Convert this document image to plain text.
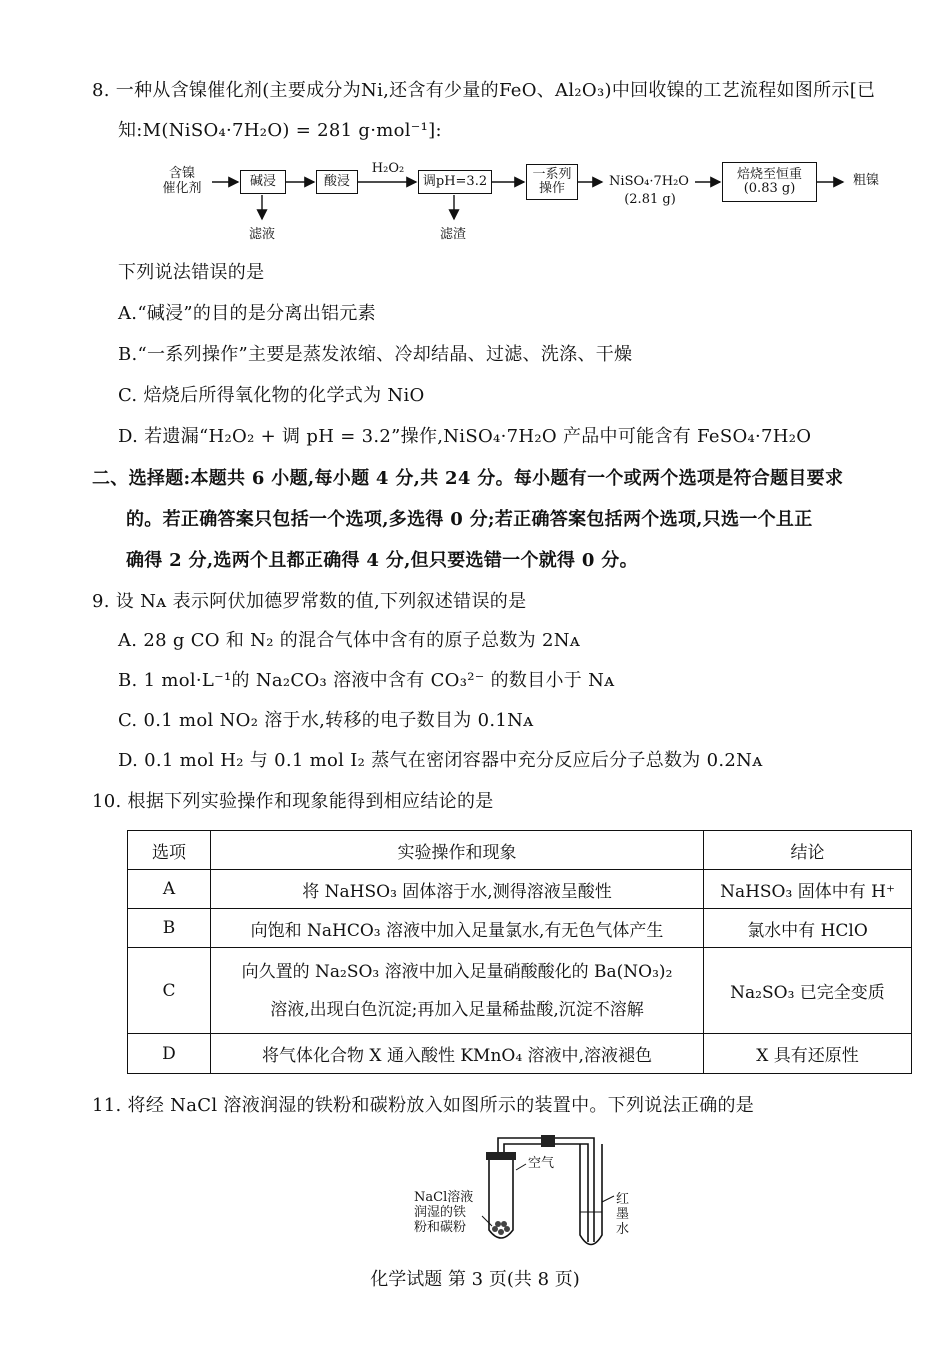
8. 一种从含镍催化剂(主要成分为Ni,还含有少量的FeO、Al₂O₃)中回收镍的工艺流程如图所示[已
知:M(NiSO₄·7H₂O) = 281 g·mol⁻¹]:
含镍
催化剂	碱浸	酸浸
H₂O₂
调pH=3.2	一系列
操作	NiSO₄·7H₂O
(2.81 g)
焙烧至恒重
(0.83 g)
粗镍
滤液	滤渣
下列说法错误的是
A.“碱浸”的目的是分离出铝元素
B.“一系列操作”主要是蒸发浓缩、冷却结晶、过滤、洗涤、干燥
C. 焙烧后所得氧化物的化学式为 NiO
D. 若遗漏“H₂O₂ + 调 pH = 3.2”操作,NiSO₄·7H₂O 产品中可能含有 FeSO₄·7H₂O
二、选择题:本题共 6 小题,每小题 4 分,共 24 分。每小题有一个或两个选项是符合题目要求
的。若正确答案只包括一个选项,多选得 0 分;若正确答案包括两个选项,只选一个且正
确得 2 分,选两个且都正确得 4 分,但只要选错一个就得 0 分。
9. 设 Nᴀ 表示阿伏加德罗常数的值,下列叙述错误的是
A. 28 g CO 和 N₂ 的混合气体中含有的原子总数为 2Nᴀ
B. 1 mol·L⁻¹的 Na₂CO₃ 溶液中含有 CO₃²⁻ 的数目小于 Nᴀ
C. 0.1 mol NO₂ 溶于水,转移的电子数目为 0.1Nᴀ
D. 0.1 mol H₂ 与 0.1 mol I₂ 蒸气在密闭容器中充分反应后分子总数为 0.2Nᴀ
10. 根据下列实验操作和现象能得到相应结论的是
选项	实验操作和现象	结论
A	将 NaHSO₃ 固体溶于水,测得溶液呈酸性	NaHSO₃ 固体中有 H⁺
B	向饱和 NaHCO₃ 溶液中加入足量氯水,有无色气体产生	氯水中有 HClO
C	向久置的 Na₂SO₃ 溶液中加入足量硝酸酸化的 Ba(NO₃)₂
溶液,出现白色沉淀;再加入足量稀盐酸,沉淀不溶解	Na₂SO₃ 已完全变质
D	将气体化合物 X 通入酸性 KMnO₄ 溶液中,溶液褪色	X 具有还原性
11. 将经 NaCl 溶液润湿的铁粉和碳粉放入如图所示的装置中。下列说法正确的是
空气
NaCl溶液
润湿的铁
粉和碳粉
红
墨
水
化学试题 第 3 页(共 8 页)
